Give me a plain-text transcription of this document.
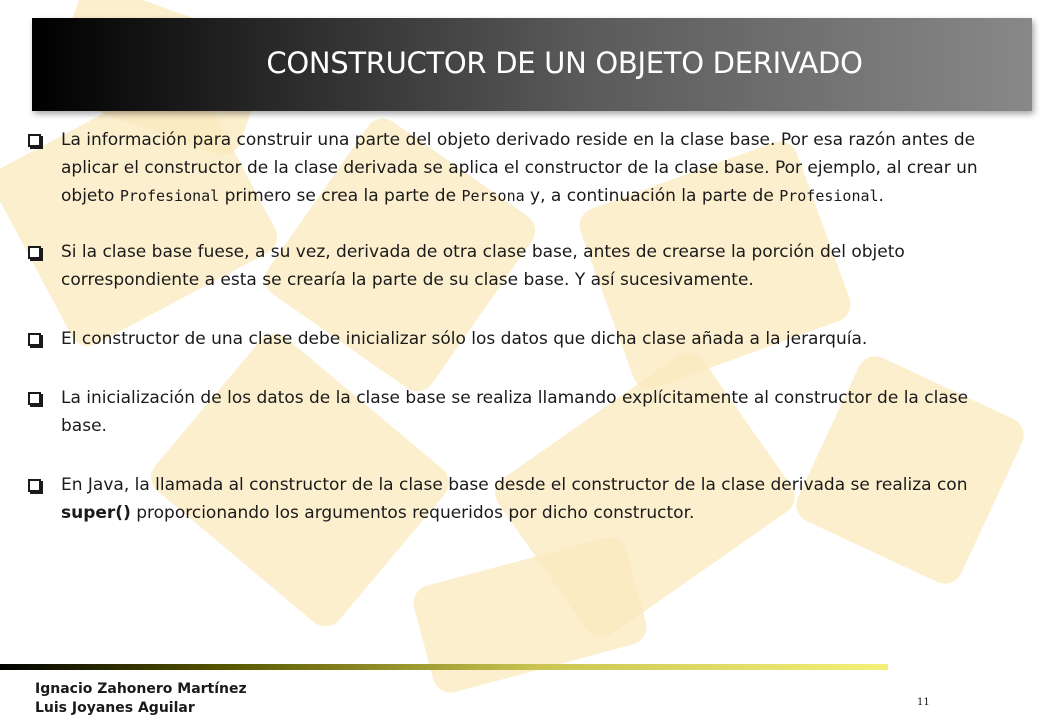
CONSTRUCTOR DE UN OBJETO DERIVADO
La información para construir una parte del objeto derivado reside en la clase base. Por esa razón antes de aplicar el constructor de la clase derivada se aplica el constructor de la clase base. Por ejemplo, al crear un objeto Profesional primero se crea la parte de Persona y, a continuación la parte de Profesional.
Si la clase base fuese, a su vez, derivada de otra clase base, antes de crearse la porción del objeto correspondiente a esta se crearía la parte de su clase base. Y así sucesivamente.
El constructor de una clase debe inicializar sólo los datos que dicha clase añada a la jerarquía.
La inicialización de los datos de la clase base se realiza llamando explícitamente al constructor de la clase base.
En Java, la llamada al constructor de la clase base desde el constructor de la clase derivada se realiza con super() proporcionando los argumentos requeridos por dicho constructor.
Ignacio Zahonero Martínez
Luis Joyanes Aguilar	11
